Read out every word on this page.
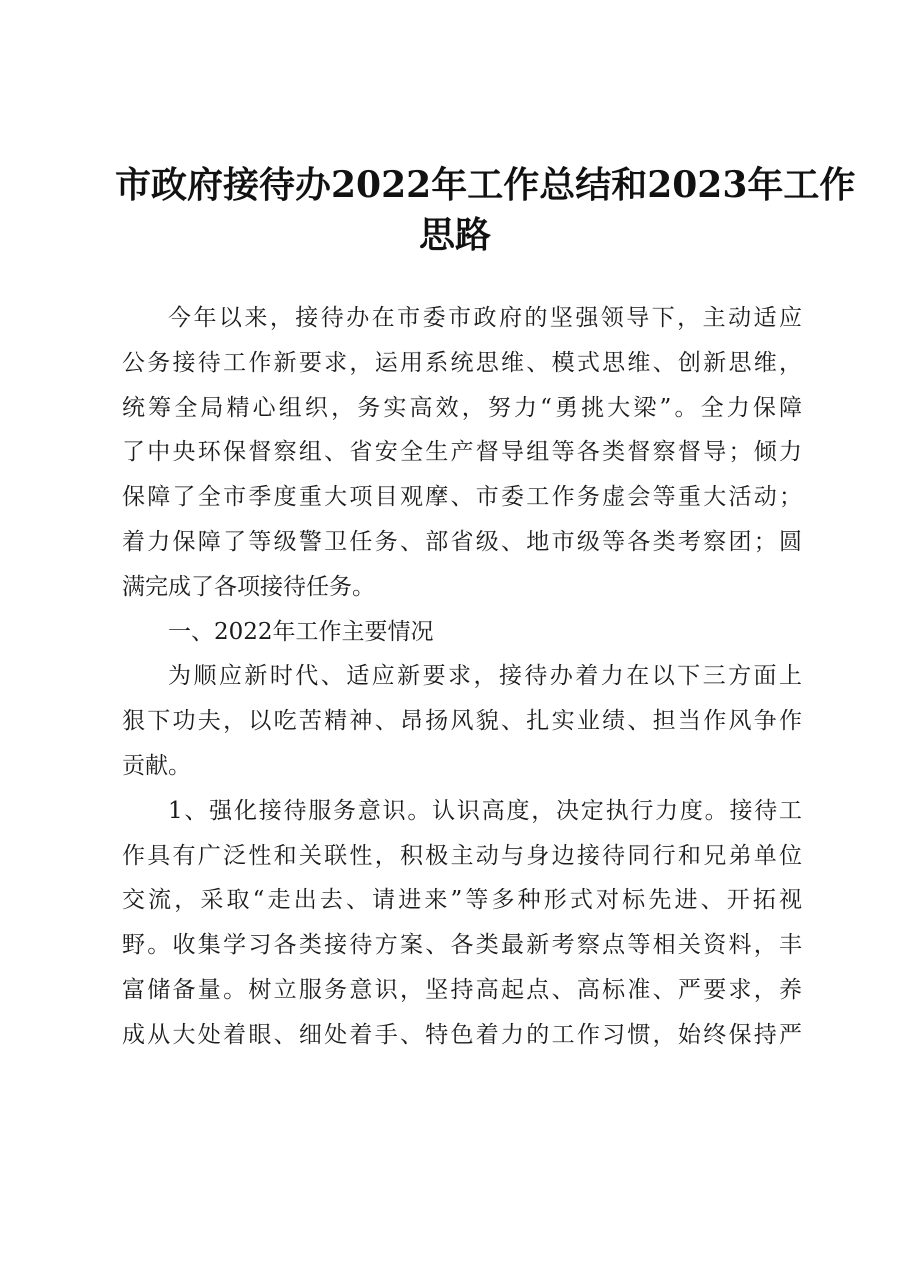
市政府接待办2022年工作总结和2023年工作
思路
今年以来，接待办在市委市政府的坚强领导下，主动适应
公务接待工作新要求，运用系统思维、模式思维、创新思维，
统筹全局精心组织，务实高效，努力“勇挑大梁”。全力保障
了中央环保督察组、省安全生产督导组等各类督察督导；倾力
保障了全市季度重大项目观摩、市委工作务虚会等重大活动；
着力保障了等级警卫任务、部省级、地市级等各类考察团；圆
满完成了各项接待任务。
一、2022年工作主要情况
为顺应新时代、适应新要求，接待办着力在以下三方面上
狠下功夫，以吃苦精神、昂扬风貌、扎实业绩、担当作风争作
贡献。
1、强化接待服务意识。认识高度，决定执行力度。接待工
作具有广泛性和关联性，积极主动与身边接待同行和兄弟单位
交流，采取“走出去、请进来”等多种形式对标先进、开拓视
野。收集学习各类接待方案、各类最新考察点等相关资料，丰
富储备量。树立服务意识，坚持高起点、高标准、严要求，养
成从大处着眼、细处着手、特色着力的工作习惯，始终保持严
